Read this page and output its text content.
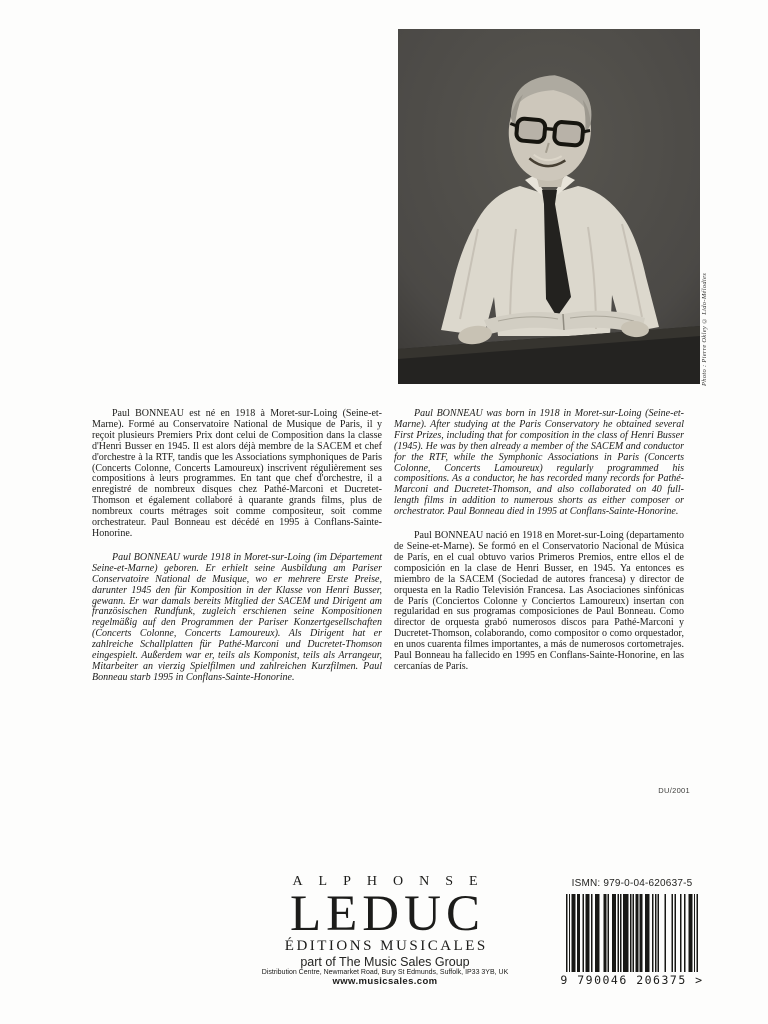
Photo : Pierre Okley © Lido-Mélodies

Paul BONNEAU est né en 1918 à Moret-sur-Loing (Seine-et-Marne). Formé au Conservatoire National de Musique de Paris, il y reçoit plusieurs Premiers Prix dont celui de Composition dans la classe d'Henri Busser en 1945. Il est alors déjà membre de la SACEM et chef d'orchestre à la RTF, tandis que les Associations symphoniques de Paris (Concerts Colonne, Concerts Lamoureux) inscrivent régulièrement ses compositions à leurs programmes. En tant que chef d'orchestre, il a enregistré de nombreux disques chez Pathé-Marconi et Ducretet-Thomson et également collaboré à quarante grands films, plus de nombreux courts métrages soit comme compositeur, soit comme orchestrateur. Paul Bonneau est décédé en 1995 à Conflans-Sainte-Honorine.

Paul BONNEAU wurde 1918 in Moret-sur-Loing (im Département Seine-et-Marne) geboren. Er erhielt seine Ausbildung am Pariser Conservatoire National de Musique, wo er mehrere Erste Preise, darunter 1945 den für Komposition in der Klasse von Henri Busser, gewann. Er war damals bereits Mitglied der SACEM und Dirigent am französischen Rundfunk, zugleich erschienen seine Kompositionen regelmäßig auf den Programmen der Pariser Konzertgesellschaften (Concerts Colonne, Concerts Lamoureux). Als Dirigent hat er zahlreiche Schallplatten für Pathé-Marconi und Ducretet-Thomson eingespielt. Außerdem war er, teils als Komponist, teils als Arrangeur, Mitarbeiter an vierzig Spielfilmen und zahlreichen Kurzfilmen. Paul Bonneau starb 1995 in Conflans-Sainte-Honorine.

Paul BONNEAU was born in 1918 in Moret-sur-Loing (Seine-et-Marne). After studying at the Paris Conservatory he obtained several First Prizes, including that for composition in the class of Henri Busser (1945). He was by then already a member of the SACEM and conductor for the RTF, while the Symphonic Associations in Paris (Concerts Colonne, Concerts Lamoureux) regularly programmed his compositions. As a conductor, he has recorded many records for Pathé-Marconi and Ducretet-Thomson, and also collaborated on 40 full-length films in addition to numerous shorts as either composer or orchestrator. Paul Bonneau died in 1995 at Conflans-Sainte-Honorine.

Paul BONNEAU nació en 1918 en Moret-sur-Loing (departamento de Seine-et-Marne). Se formó en el Conservatorio Nacional de Música de París, en el cual obtuvo varios Primeros Premios, entre ellos el de composición en la clase de Henri Busser, en 1945. Ya entonces es miembro de la SACEM (Sociedad de autores francesa) y director de orquesta en la Radio Televisión Francesa. Las Asociaciones sinfónicas de París (Conciertos Colonne y Conciertos Lamoureux) insertan con regularidad en sus programas composiciones de Paul Bonneau. Como director de orquesta grabó numerosos discos para Pathé-Marconi y Ducretet-Thomson, colaborando, como compositor o como orquestador, en unos cuarenta filmes importantes, a más de numerosos cortometrajes. Paul Bonneau ha fallecido en 1995 en Conflans-Sainte-Honorine, en las cercanías de París.

DU/2001
ALPHONSE
LEDUC
ÉDITIONS MUSICALES
part of The Music Sales Group
Distribution Centre, Newmarket Road, Bury St Edmunds, Suffolk, IP33 3YB, UK
www.musicsales.com
ISMN: 979-0-04-620637-5
9 790046 206375 >
